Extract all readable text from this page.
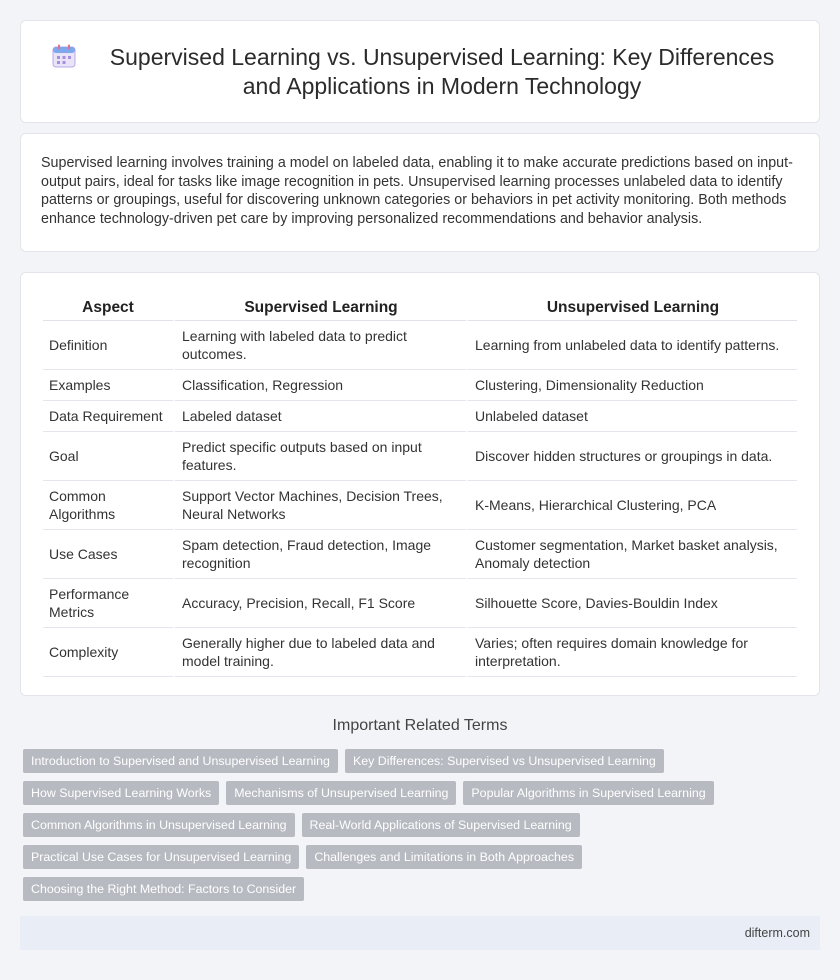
Supervised Learning vs. Unsupervised Learning: Key Differences and Applications in Modern Technology

Supervised learning involves training a model on labeled data, enabling it to make accurate predictions based on input-output pairs, ideal for tasks like image recognition in pets. Unsupervised learning processes unlabeled data to identify patterns or groupings, useful for discovering unknown categories or behaviors in pet activity monitoring. Both methods enhance technology-driven pet care by improving personalized recommendations and behavior analysis.

Aspect	Supervised Learning	Unsupervised Learning
Definition	Learning with labeled data to predict outcomes.	Learning from unlabeled data to identify patterns.
Examples	Classification, Regression	Clustering, Dimensionality Reduction
Data Requirement	Labeled dataset	Unlabeled dataset
Goal	Predict specific outputs based on input features.	Discover hidden structures or groupings in data.
Common Algorithms	Support Vector Machines, Decision Trees, Neural Networks	K-Means, Hierarchical Clustering, PCA
Use Cases	Spam detection, Fraud detection, Image recognition	Customer segmentation, Market basket analysis, Anomaly detection
Performance Metrics	Accuracy, Precision, Recall, F1 Score	Silhouette Score, Davies-Bouldin Index
Complexity	Generally higher due to labeled data and model training.	Varies; often requires domain knowledge for interpretation.
Important Related Terms
Introduction to Supervised and Unsupervised Learning	Key Differences: Supervised vs Unsupervised Learning
How Supervised Learning Works	Mechanisms of Unsupervised Learning	Popular Algorithms in Supervised Learning
Common Algorithms in Unsupervised Learning	Real-World Applications of Supervised Learning
Practical Use Cases for Unsupervised Learning	Challenges and Limitations in Both Approaches
Choosing the Right Method: Factors to Consider
difterm.com
